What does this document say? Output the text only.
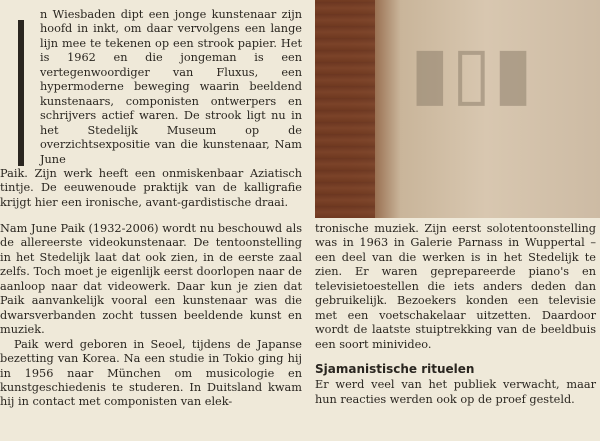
n Wiesbaden dipt een jonge kunstenaar zijn hoofd in inkt, om daar vervolgens een lange lijn mee te tekenen op een strook papier. Het is 1962 en die jongeman is een vertegenwoordiger van Fluxus, een hypermoderne beweging waarin beeldend kunstenaars, componisten ontwerpers en schrijvers actief waren. De strook ligt nu in het Stedelijk Museum op de overzichtsexpositie van die kunstenaar, Nam June

Paik. Zijn werk heeft een onmiskenbaar Aziatisch tintje. De eeuwenoude praktijk van de kalligrafie krijgt hier een ironische, avant-gardistische draai.

▮▯▮

Nam June Paik (1932-2006) wordt nu beschouwd als de allereerste videokunstenaar. De tentoonstelling in het Stedelijk laat dat ook zien, in de eerste zaal zelfs. Toch moet je eigenlijk eerst doorlopen naar de aanloop naar dat videowerk. Daar kun je zien dat Paik aanvankelijk vooral een kunstenaar was die dwarsverbanden zocht tussen beeldende kunst en muziek.

Paik werd geboren in Seoel, tijdens de Japanse bezetting van Korea. Na een studie in Tokio ging hij in 1956 naar München om musicologie en kunstgeschiedenis te studeren. In Duitsland kwam hij in contact met componisten van elek-

tronische muziek. Zijn eerst solotentoonstelling was in 1963 in Galerie Parnass in Wuppertal – een deel van die werken is in het Stedelijk te zien. Er waren geprepareerde piano's en televisietoestellen die iets anders deden dan gebruikelijk. Bezoekers konden een televisie met een voetschakelaar uitzetten. Daardoor wordt de laatste stuiptrekking van de beeldbuis een soort minivideo.

Sjamanistische rituelen

Er werd veel van het publiek verwacht, maar hun reacties werden ook op de proef gesteld.
